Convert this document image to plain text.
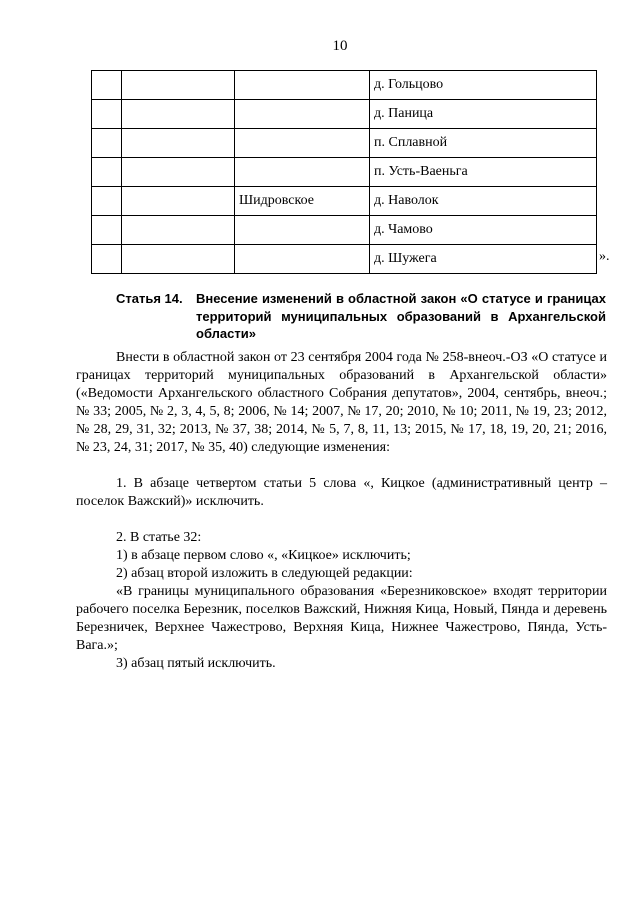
10
			д. Гольцово
			д. Паница
			п. Сплавной
			п. Усть-Ваеньга
		Шидровское	д. Наволок
			д. Чамово
			д. Шужега	».
Статья 14. Внесение изменений в областной закон «О статусе и границах территорий муниципальных образований в Архангельской области»

Внести в областной закон от 23 сентября 2004 года № 258-внеоч.-ОЗ «О статусе и границах территорий муниципальных образований в Архангельской области» («Ведомости Архангельского областного Собрания депутатов», 2004, сентябрь, внеоч.; № 33; 2005, № 2, 3, 4, 5, 8; 2006, № 14; 2007, № 17, 20; 2010, № 10; 2011, № 19, 23; 2012, № 28, 29, 31, 32; 2013, № 37, 38; 2014, № 5, 7, 8, 11, 13; 2015, № 17, 18, 19, 20, 21; 2016, № 23, 24, 31; 2017, № 35, 40) следующие изменения:

1. В абзаце четвертом статьи 5 слова «, Кицкое (административный центр – поселок Важский)» исключить.

2. В статье 32:

1) в абзаце первом слово «, «Кицкое» исключить;

2) абзац второй изложить в следующей редакции:

«В границы муниципального образования «Березниковское» входят территории рабочего поселка Березник, поселков Важский, Нижняя Кица, Новый, Пянда и деревень Березничек, Верхнее Чажестрово, Верхняя Кица, Нижнее Чажестрово, Пянда, Усть-Вага.»;

3) абзац пятый исключить.
